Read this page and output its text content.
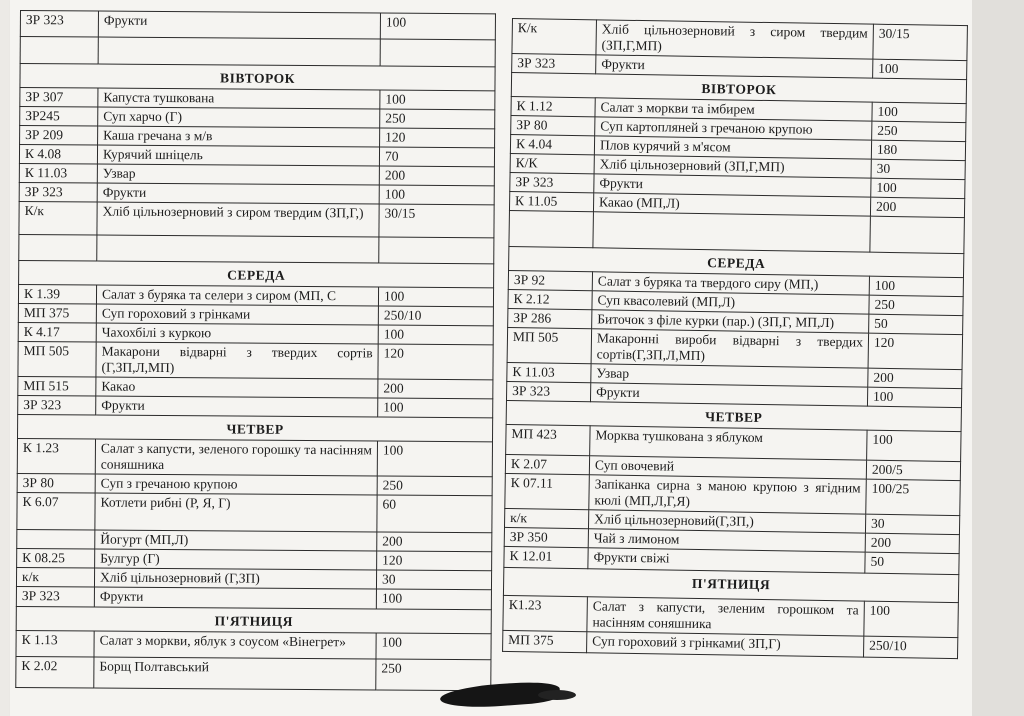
ЗР 323	Фрукти	100

ВІВТОРОК		
ЗР 307	Капуста тушкована	100
ЗР245	Суп харчо (Г)	250
ЗР 209	Каша гречана з м/в	120
К 4.08	Курячий шніцель	70
К 11.03	Узвар	200
ЗР 323	Фрукти	100
К/к	Хліб цільнозерновий з сиром твердим (ЗП,Г,)	30/15

СЕРЕДА		
К 1.39	Салат з буряка та селери з сиром (МП, С	100
МП 375	Суп гороховий з грінками	250/10
К 4.17	Чахохбілі з куркою	100
МП 505	Макарони відварні з твердих сортів (Г,ЗП,Л,МП)	120
МП 515	Какао	200
ЗР 323	Фрукти	100
ЧЕТВЕР		
К 1.23	Салат з капусти, зеленого горошку та насінням соняшника	100
ЗР 80	Суп з гречаною крупою	250
К 6.07	Котлети рибні (Р, Я, Г)	60
	Йогурт (МП,Л)	200
К 08.25	Булгур (Г)	120
к/к	Хліб цільнозерновий (Г,ЗП)	30
ЗР 323	Фрукти	100
П'ЯТНИЦЯ		
К 1.13	Салат з моркви, яблук з соусом «Вінегрет»	100
К 2.02	Борщ Полтавський	250
К/к	Хліб цільнозерновий з сиром твердим (ЗП,Г,МП)	30/15
ЗР 323	Фрукти	100
ВІВТОРОК		
К 1.12	Салат з моркви та імбирем	100
ЗР 80	Суп картопляней з гречаною крупою	250
К 4.04	Плов курячий з м'ясом	180
К/К	Хліб цільнозерновий (ЗП,Г,МП)	30
ЗР 323	Фрукти	100
К 11.05	Какао (МП,Л)	200

СЕРЕДА		
ЗР 92	Салат з буряка та твердого сиру (МП,)	100
К 2.12	Суп квасолевий (МП,Л)	250
ЗР 286	Биточок з філе курки (пар.) (ЗП,Г, МП,Л)	50
МП 505	Макаронні вироби відварні з твердих сортів(Г,ЗП,Л,МП)	120
К 11.03	Узвар	200
ЗР 323	Фрукти	100
ЧЕТВЕР		
МП 423	Морква тушкована з яблуком	100
К 2.07	Суп овочевий	200/5
К 07.11	Запіканка сирна з маною крупою з ягідним кюлі (МП,Л,Г,Я)	100/25
к/к	Хліб цільнозерновий(Г,ЗП,)	30
ЗР 350	Чай з лимоном	200
К 12.01	Фрукти свіжі	50
П'ЯТНИЦЯ		
К1.23	Салат з капусти, зеленим горошком та насінням соняшника	100
МП 375	Суп гороховий з грінками( ЗП,Г)	250/10
